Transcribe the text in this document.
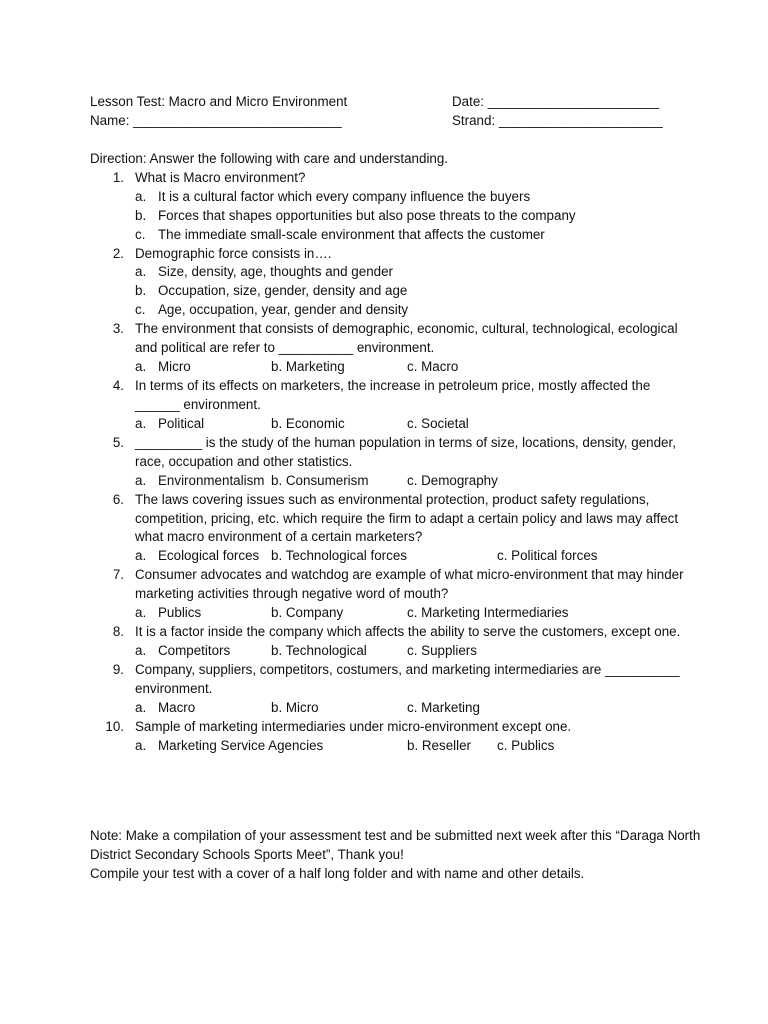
Lesson Test: Macro and Micro Environment	Date: _______________________
Name: ____________________________	Strand: ______________________
Direction: Answer the following with care and understanding.
1. What is Macro environment?
a. It is a cultural factor which every company influence the buyers
b. Forces that shapes opportunities but also pose threats to the company
c. The immediate small-scale environment that affects the customer
2. Demographic force consists in….
a. Size, density, age, thoughts and gender
b. Occupation, size, gender, density and age
c. Age, occupation, year, gender and density
3. The environment that consists of demographic, economic, cultural, technological, ecological and political are refer to __________ environment.
a. Micro	b. Marketing	c. Macro
4. In terms of its effects on marketers, the increase in petroleum price, mostly affected the ______ environment.
a. Political	b. Economic	c. Societal
5. _________ is the study of the human population in terms of size, locations, density, gender, race, occupation and other statistics.
a. Environmentalism b. Consumerism	c. Demography
6. The laws covering issues such as environmental protection, product safety regulations, competition, pricing, etc. which require the firm to adapt a certain policy and laws may affect what macro environment of a certain marketers?
a. Ecological forces b. Technological forces	c. Political forces
7. Consumer advocates and watchdog are example of what micro-environment that may hinder marketing activities through negative word of mouth?
a. Publics	b. Company	c. Marketing Intermediaries
8. It is a factor inside the company which affects the ability to serve the customers, except one.
a. Competitors	b. Technological	c. Suppliers
9. Company, suppliers, competitors, costumers, and marketing intermediaries are __________ environment.
a. Macro	b. Micro	c. Marketing
10. Sample of marketing intermediaries under micro-environment except one.
a. Marketing Service Agencies	b. Reseller c. Publics
Note: Make a compilation of your assessment test and be submitted next week after this “Daraga North District Secondary Schools Sports Meet”, Thank you!
Compile your test with a cover of a half long folder and with name and other details.
